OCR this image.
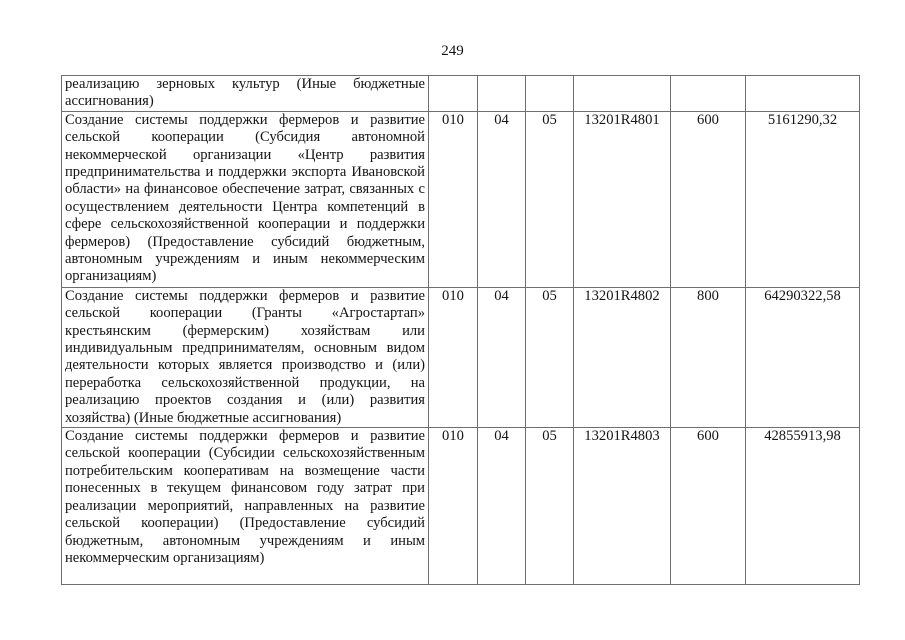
249
реализацию зерновых культур (Иные бюджетные ассигнования)						
Создание системы поддержки фермеров и развитие сельской кооперации (Субсидия автономной некоммерческой организации «Центр развития предпринимательства и поддержки экспорта Ивановской области» на финансовое обеспечение затрат, связанных с осуществлением деятельности Центра компетенций в сфере сельскохозяйственной кооперации и поддержки фермеров) (Предоставление субсидий бюджетным, автономным учреждениям и иным некоммерческим организациям)	010	04	05	13201R4801	600	5161290,32
Создание системы поддержки фермеров и развитие сельской кооперации (Гранты «Агростартап» крестьянским (фермерским) хозяйствам или индивидуальным предпринимателям, основным видом деятельности которых является производство и (или) переработка сельскохозяйственной продукции, на реализацию проектов создания и (или) развития хозяйства) (Иные бюджетные ассигнования)	010	04	05	13201R4802	800	64290322,58
Создание системы поддержки фермеров и развитие сельской кооперации (Субсидии сельскохозяйственным потребительским кооперативам на возмещение части понесенных в текущем финансовом году затрат при реализации мероприятий, направленных на развитие сельской кооперации) (Предоставление субсидий бюджетным, автономным учреждениям и иным некоммерческим организациям)	010	04	05	13201R4803	600	42855913,98
